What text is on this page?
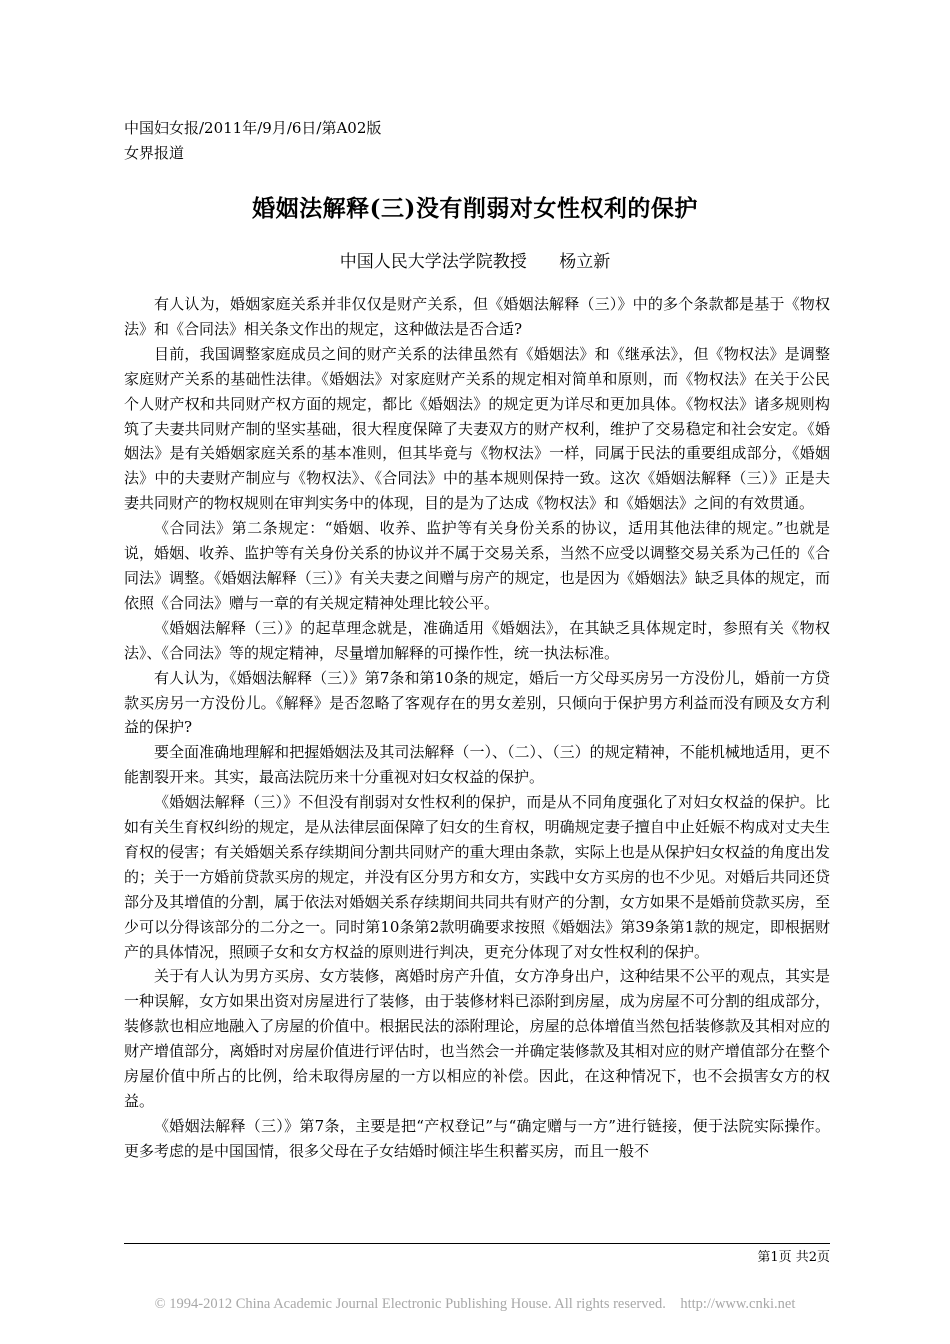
中国妇女报/2011年/9月/6日/第A02版
女界报道
婚姻法解释(三)没有削弱对女性权利的保护
中国人民大学法学院教授      杨立新

有人认为，婚姻家庭关系并非仅仅是财产关系，但《婚姻法解释（三）》中的多个条款都是基于《物权法》和《合同法》相关条文作出的规定，这种做法是否合适?

目前，我国调整家庭成员之间的财产关系的法律虽然有《婚姻法》和《继承法》，但《物权法》是调整家庭财产关系的基础性法律。《婚姻法》对家庭财产关系的规定相对简单和原则，而《物权法》在关于公民个人财产权和共同财产权方面的规定，都比《婚姻法》的规定更为详尽和更加具体。《物权法》诸多规则构筑了夫妻共同财产制的坚实基础，很大程度保障了夫妻双方的财产权利，维护了交易稳定和社会安定。《婚姻法》是有关婚姻家庭关系的基本准则，但其毕竟与《物权法》一样，同属于民法的重要组成部分，《婚姻法》中的夫妻财产制应与《物权法》、《合同法》中的基本规则保持一致。这次《婚姻法解释（三）》正是夫妻共同财产的物权规则在审判实务中的体现，目的是为了达成《物权法》和《婚姻法》之间的有效贯通。

《合同法》第二条规定：“婚姻、收养、监护等有关身份关系的协议，适用其他法律的规定。”也就是说，婚姻、收养、监护等有关身份关系的协议并不属于交易关系，当然不应受以调整交易关系为己任的《合同法》调整。《婚姻法解释（三）》有关夫妻之间赠与房产的规定，也是因为《婚姻法》缺乏具体的规定，而依照《合同法》赠与一章的有关规定精神处理比较公平。

《婚姻法解释（三）》的起草理念就是，准确适用《婚姻法》，在其缺乏具体规定时，参照有关《物权法》、《合同法》等的规定精神，尽量增加解释的可操作性，统一执法标准。

有人认为，《婚姻法解释（三）》第7条和第10条的规定，婚后一方父母买房另一方没份儿，婚前一方贷款买房另一方没份儿。《解释》是否忽略了客观存在的男女差别，只倾向于保护男方利益而没有顾及女方利益的保护?

要全面准确地理解和把握婚姻法及其司法解释（一）、（二）、（三）的规定精神，不能机械地适用，更不能割裂开来。其实，最高法院历来十分重视对妇女权益的保护。

《婚姻法解释（三）》不但没有削弱对女性权利的保护，而是从不同角度强化了对妇女权益的保护。比如有关生育权纠纷的规定，是从法律层面保障了妇女的生育权，明确规定妻子擅自中止妊娠不构成对丈夫生育权的侵害；有关婚姻关系存续期间分割共同财产的重大理由条款，实际上也是从保护妇女权益的角度出发的；关于一方婚前贷款买房的规定，并没有区分男方和女方，实践中女方买房的也不少见。对婚后共同还贷部分及其增值的分割，属于依法对婚姻关系存续期间共同共有财产的分割，女方如果不是婚前贷款买房，至少可以分得该部分的二分之一。同时第10条第2款明确要求按照《婚姻法》第39条第1款的规定，即根据财产的具体情况，照顾子女和女方权益的原则进行判决，更充分体现了对女性权利的保护。

关于有人认为男方买房、女方装修，离婚时房产升值，女方净身出户，这种结果不公平的观点，其实是一种误解，女方如果出资对房屋进行了装修，由于装修材料已添附到房屋，成为房屋不可分割的组成部分，装修款也相应地融入了房屋的价值中。根据民法的添附理论，房屋的总体增值当然包括装修款及其相对应的财产增值部分，离婚时对房屋价值进行评估时，也当然会一并确定装修款及其相对应的财产增值部分在整个房屋价值中所占的比例，给未取得房屋的一方以相应的补偿。因此，在这种情况下，也不会损害女方的权益。

《婚姻法解释（三）》第7条，主要是把“产权登记”与“确定赠与一方”进行链接，便于法院实际操作。更多考虑的是中国国情，很多父母在子女结婚时倾注毕生积蓄买房，而且一般不

第1页 共2页
© 1994-2012 China Academic Journal Electronic Publishing House. All rights reserved.    http://www.cnki.net
